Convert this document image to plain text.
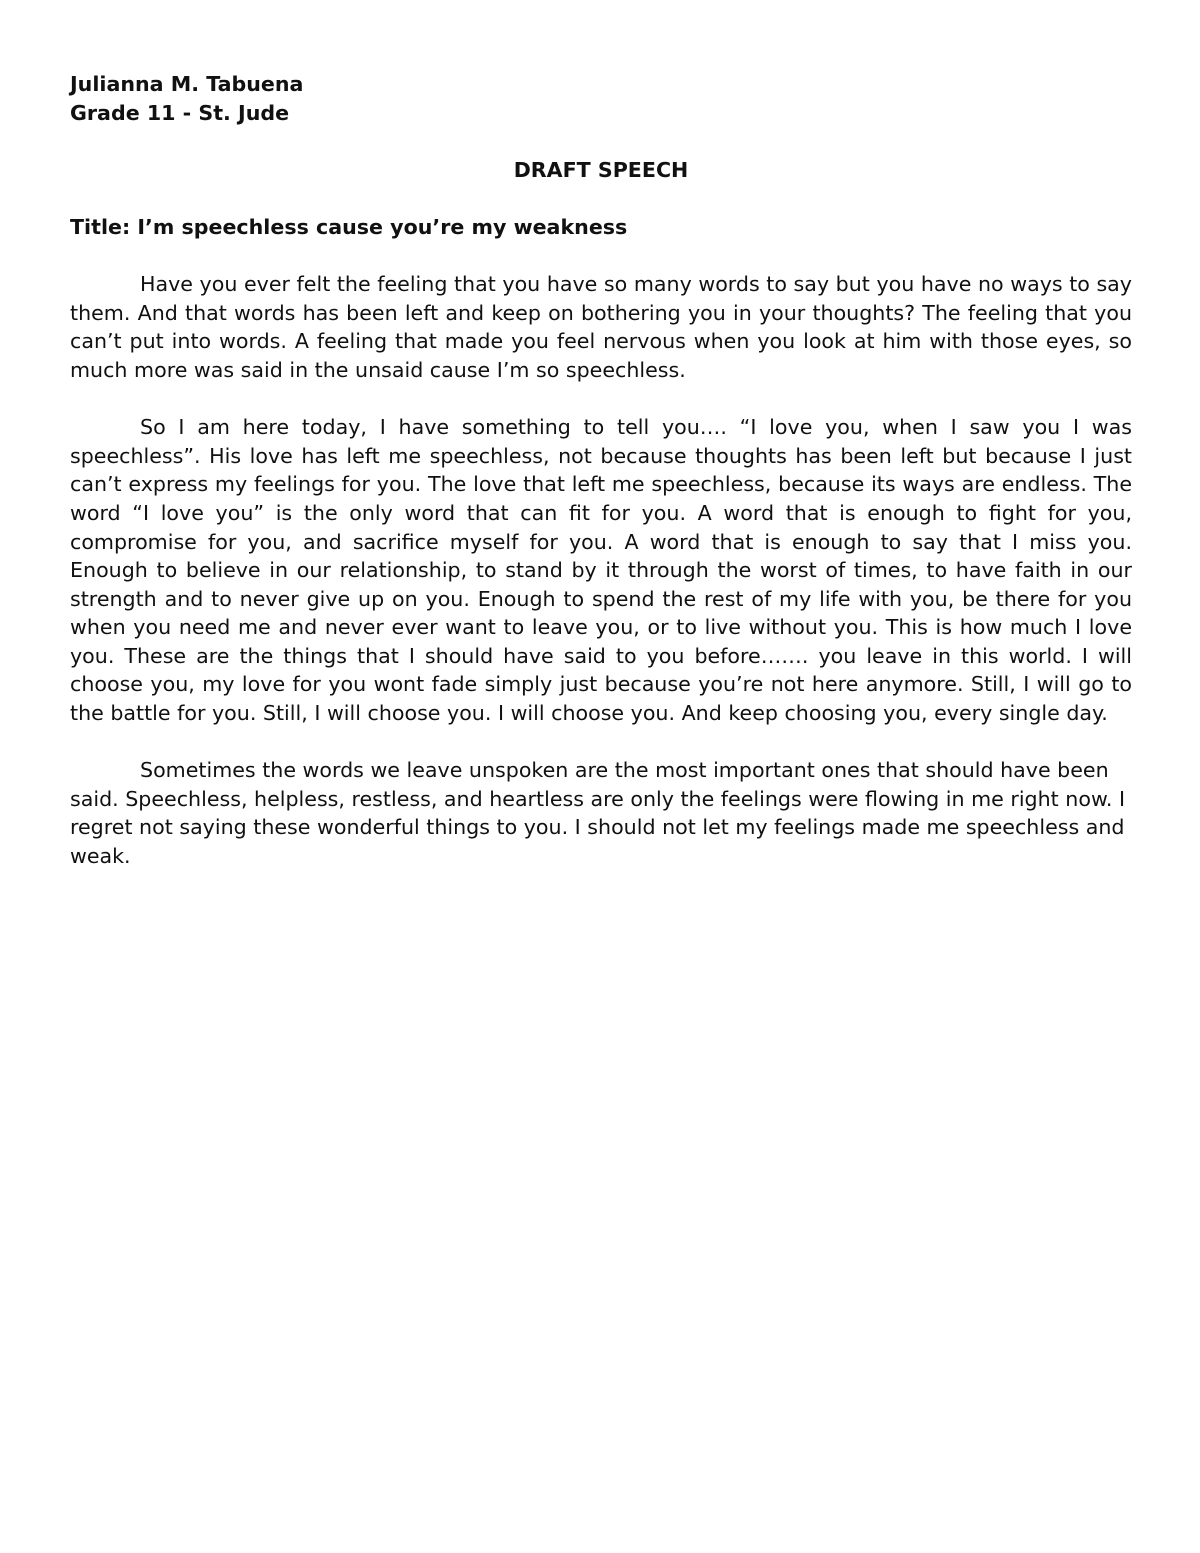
Julianna M. Tabuena

Grade 11 - St. Jude

DRAFT SPEECH

Title: I’m speechless cause you’re my weakness

Have you ever felt the feeling that you have so many words to say but you have no ways to say them. And that words has been left and keep on bothering you in your thoughts? The feeling that you can’t put into words. A feeling that made you feel nervous when you look at him with those eyes, so much more was said in the unsaid cause I’m so speechless.

So I am here today, I have something to tell you…. “I love you, when I saw you I was speechless”. His love has left me speechless, not because thoughts has been left but because I just can’t express my feelings for you. The love that left me speechless, because its ways are endless. The word “I love you” is the only word that can fit for you. A word that is enough to fight for you, compromise for you, and sacrifice myself for you. A word that is enough to say that I miss you. Enough to believe in our relationship, to stand by it through the worst of times, to have faith in our strength and to never give up on you. Enough to spend the rest of my life with you, be there for you when you need me and never ever want to leave you, or to live without you. This is how much I love you. These are the things that I should have said to you before……. you leave in this world. I will choose you, my love for you wont fade simply just because you’re not here anymore. Still, I will go to the battle for you. Still, I will choose you. I will choose you. And keep choosing you, every single day.

Sometimes the words we leave unspoken are the most important ones that should have been said. Speechless, helpless, restless, and heartless are only the feelings were flowing in me right now. I regret not saying these wonderful things to you. I should not let my feelings made me speechless and weak.
